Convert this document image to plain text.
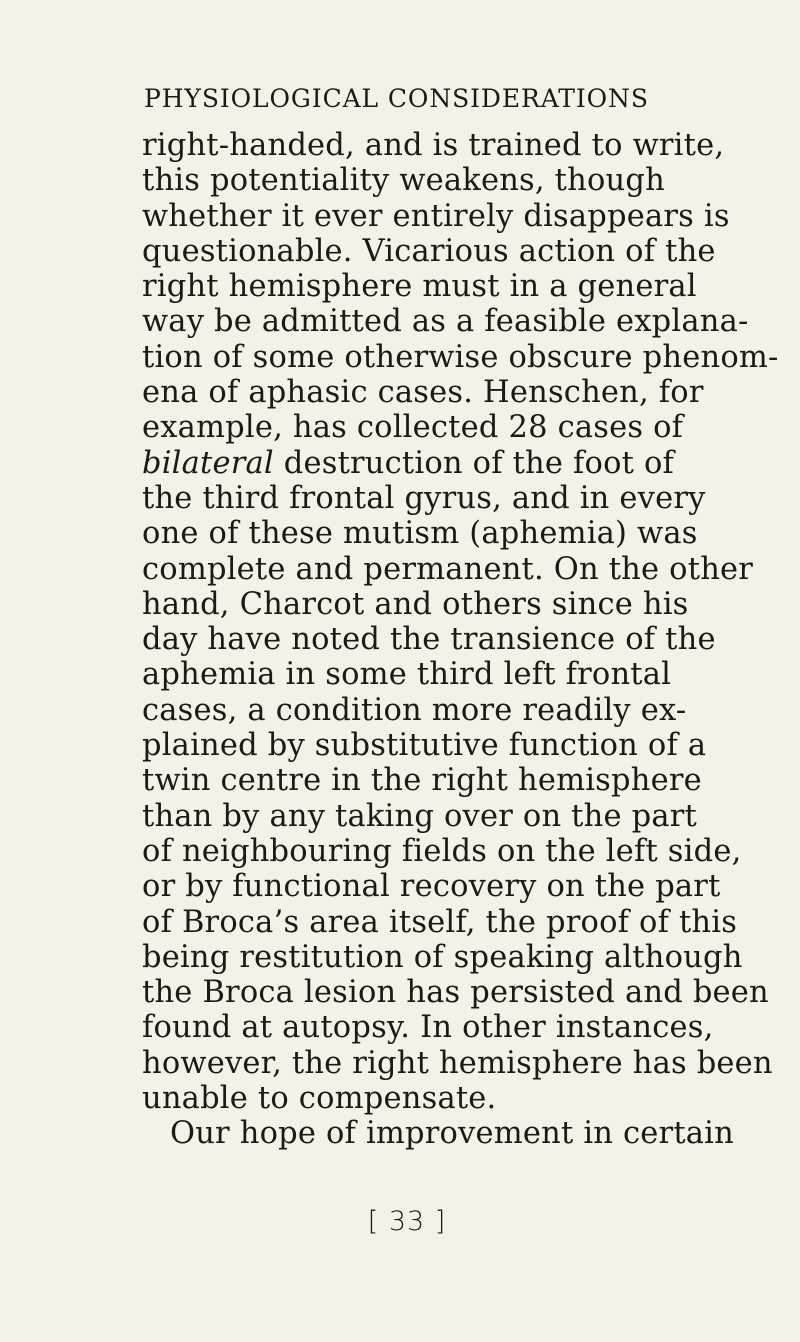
PHYSIOLOGICAL CONSIDERATIONS
right-handed, and is trained to write,
this potentiality weakens, though
whether it ever entirely disappears is
questionable. Vicarious action of the
right hemisphere must in a general
way be admitted as a feasible explana-
tion of some otherwise obscure phenom-
ena of aphasic cases. Henschen, for
example, has collected 28 cases of
bilateral destruction of the foot of
the third frontal gyrus, and in every
one of these mutism (aphemia) was
complete and permanent. On the other
hand, Charcot and others since his
day have noted the transience of the
aphemia in some third left frontal
cases, a condition more readily ex-
plained by substitutive function of a
twin centre in the right hemisphere
than by any taking over on the part
of neighbouring fields on the left side,
or by functional recovery on the part
of Broca’s area itself, the proof of this
being restitution of speaking although
the Broca lesion has persisted and been
found at autopsy. In other instances,
however, the right hemisphere has been
unable to compensate.
Our hope of improvement in certain
[ 33 ]
